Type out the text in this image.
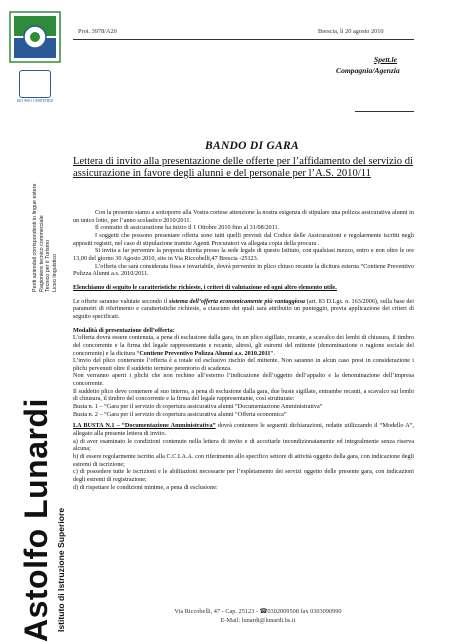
ISO 9001 CERTIFIED
Periti aziendali corrispondenti in lingue estere Ragioniere tecnico commerciale Tecnico per il Turismo Liceo linguistico
Astolfo Lunardi Istituto di Istruzione Superiore
Prot. 3978/A20	Brescia, lì 20 agosto 2010
Spett.le
Compagnia/Agenzia
BANDO DI GARA
Lettera di invito alla presentazione delle offerte per l’affidamento del servizio di assicurazione in favore degli alunni e del personale per l’A.S. 2010/11

Con la presente siamo a sottoporre alla Vostra cortese attenzione la nostra esigenza di stipulare una polizza assicurativa alunni in un unico lotto, per l’anno scolastico 2010/2011.

Il contratto di assicurazione ha inizio il 1 Ottobre 2010 fino al 31/08/2011.

I soggetti che possono presentare offerta sono tutti quelli previsti dal Codice delle Assicurazioni e regolarmente iscritti negli appositi registri, nel caso di stipulazione tramite Agenti Procuratori va allegata copia della procura .

Si invita a far pervenire la proposta diretta presso la sede legale di questo Istituto, con qualsiasi mezzo, entro e non oltre le ore 13,00 del giorno 30 Agosto 2010, sito in Via Riccobelli,47 Brescia -25123.

L’offerta che sarà considerata fissa e invariabile, dovrà pervenire in plico chiuso recante la dicitura esterna “Contiene Preventivo Polizza Alunni a.s. 2010/2011.

Elenchiamo di seguito le caratteristiche richieste, i criteri di valutazione ed ogni altro elemento utile.

Le offerte saranno valutate secondo il sistema dell’offerta economicamente più vantaggiosa (art. 83 D.Lgs. n. 163/2006), sulla base dei parametri di riferimento e caratteristiche richieste, a ciascuno dei quali sarà attribuito un punteggio, previa applicazione dei criteri di seguito specificati.

Modalità di presentazione dell’offerta:

L’offerta dovrà essere contenuta, a pena di esclusione dalla gara, in un plico sigillato, recante, a scavalco dei lembi di chiusura, il timbro del concorrente e la firma del legale rappresentante e recante, altresì, gli estremi del mittente (denominazione o ragione sociale del concorrente) e la dicitura “Contiene Preventivo Polizza Alunni a.s. 2010.2011”.

L’invio del plico contenente l’offerta è a totale ed esclusivo rischio del mittente. Non saranno in alcun caso presi in considerazione i plichi pervenuti oltre il suddetto termine perentorio di scadenza.

Non verranno aperti i plichi che non rechino all’esterno l’indicazione dell’oggetto dell’appalto e la denominazione dell’impresa concorrente.

Il suddetto plico deve contenere al suo interno, a pena di esclusione dalla gara, due buste sigillate, entrambe recanti, a scavalco sui lembi di chiusura, il timbro del concorrente e la firma del legale rappresentante, così strutturate:

Busta n. 1 – “Gara per il servizio di copertura assicurativa alunni “Documentazione Amministrativa”

Busta n. 2 – “Gara per il servizio di copertura assicurativa alunni “Offerta economica”

LA BUSTA N.1 – “Documentazione Amministrativa” dovrà contenere le seguenti dichiarazioni, redatte utilizzando il “Modello A”, allegato alla presente lettera di invito.

a) di aver esaminato le condizioni contenute nella lettera di invito e di accettarle incondizionatamente ed integralmente senza riserva alcuna;

b) di essere regolarmente iscritto alla C.C.I.A.A. con riferimento allo specifico settore di attività oggetto della gara, con indicazione degli estremi di iscrizione;

c) di possedere tutte le iscrizioni e le abilitazioni necessarie per l’espletamento dei servizi oggetto delle presente gara, con indicazioni degli estremi di registrazione;

d) di rispettare le condizioni minime, a pena di esclusione:

Via Riccobelli, 47 - Cap. 25123 - ☎0302009508 fax 0303090990
E-Mail: lunardi@lunardi.bs.it
